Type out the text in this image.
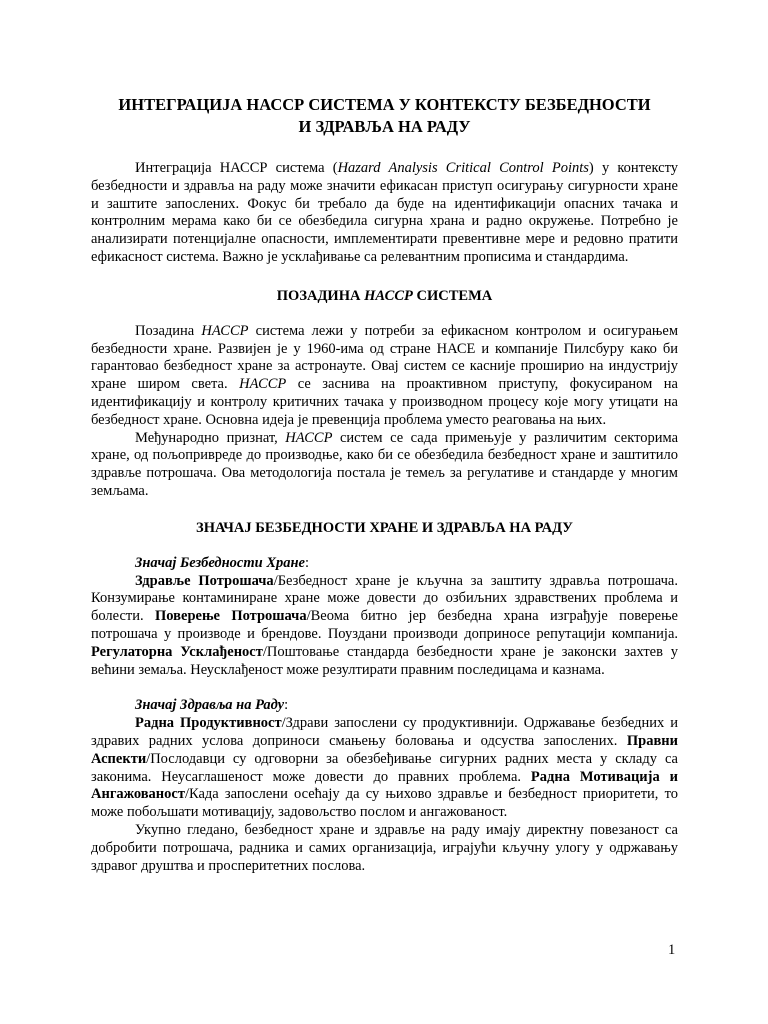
ИНТЕГРАЦИЈА НАССР СИСТЕМА У КОНТЕКСТУ БЕЗБЕДНОСТИ
И ЗДРАВЉА НА РАДУ

Интеграција НАССР система (Hazard Analysis Critical Control Points) у контексту безбедности и здравља на раду може значити ефикасан приступ осигурању сигурности хране и заштите запослених. Фокус би требало да буде на идентификацији опасних тачака и контролним мерама како би се обезбедила сигурна храна и радно окружење. Потребно је анализирати потенцијалне опасности, имплементирати превентивне мере и редовно пратити ефикасност система. Важно је усклађивање са релевантним прописима и стандардима.

ПОЗАДИНА НАССР СИСТЕМА

Позадина НАССР система лежи у потреби за ефикасном контролом и осигурањем безбедности хране. Развијен је у 1960-има од стране НАСЕ и компаније Пилсбуру како би гарантовао безбедност хране за астронауте. Овај систем се касније проширио на индустрију хране широм света. НАССР се заснива на проактивном приступу, фокусираном на идентификацију и контролу критичних тачака у производном процесу које могу утицати на безбедност хране. Основна идеја је превенција проблема уместо реаговања на њих.

Међународно признат, НАССР систем се сада примењује у различитим секторима хране, од пољопривреде до производње, како би се обезбедила безбедност хране и заштитило здравље потрошача. Ова методологија постала је темељ за регулативе и стандарде у многим земљама.

ЗНАЧАЈ БЕЗБЕДНОСТИ ХРАНЕ И ЗДРАВЉА НА РАДУ
Значај Безбедности Хране:

Здравље Потрошача/Безбедност хране је кључна за заштиту здравља потрошача. Конзумирање контаминиране хране може довести до озбиљних здравствених проблема и болести. Поверење Потрошача/Веома битно јер безбедна храна изграђује поверење потрошача у производе и брендове. Поуздани производи доприносе репутацији компанија. Регулаторна Усклађеност/Поштовање стандарда безбедности хране је законски захтев у већини земаља. Неусклађеност може резултирати правним последицама и казнама.

Значај Здравља на Раду:

Радна Продуктивност/Здрави запослени су продуктивнији. Одржавање безбедних и здравих радних услова доприноси смањењу боловања и одсуства запослених. Правни Аспекти/Послодавци су одговорни за обезбеђивање сигурних радних места у складу са законима. Неусаглашеност може довести до правних проблема. Радна Мотивација и Ангажованост/Када запослени осећају да су њихово здравље и безбедност приоритети, то може побољшати мотивацију, задовољство послом и ангажованост.

Укупно гледано, безбедност хране и здравље на раду имају директну повезаност са добробити потрошача, радника и самих организација, играјући кључну улогу у одржавању здравог друштва и просперитетних послова.

1
